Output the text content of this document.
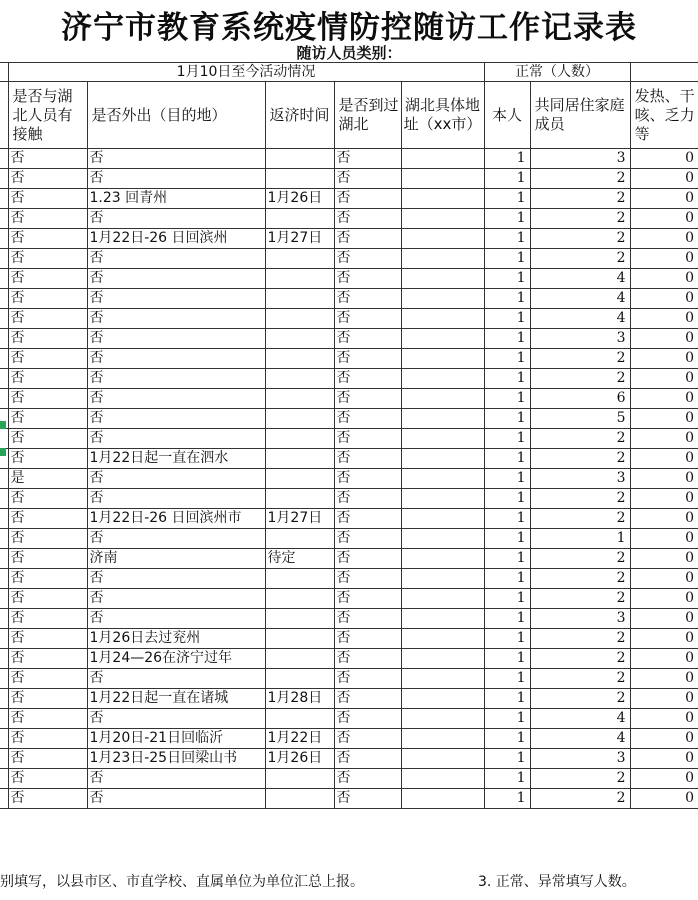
济宁市教育系统疫情防控随访工作记录表
随访人员类别：
	1月10日至今活动情况					正常（人数）		
	是否与湖北人员有接触	是否外出（目的地）	返济时间	是否到过湖北	湖北具体地址（xx市）	本人	共同居住家庭成员	发热、干咳、乏力等
	否	否		否		1	3	0
	否	否		否		1	2	0
	否	1.23 回青州	1月26日	否		1	2	0
	否	否		否		1	2	0
	否	1月22日-26 日回滨州	1月27日	否		1	2	0
	否	否		否		1	2	0
	否	否		否		1	4	0
	否	否		否		1	4	0
	否	否		否		1	4	0
	否	否		否		1	3	0
	否	否		否		1	2	0
	否	否		否		1	2	0
	否	否		否		1	6	0
	否	否		否		1	5	0
	否	否		否		1	2	0
	否	1月22日起一直在泗水		否		1	2	0
	是	否		否		1	3	0
	否	否		否		1	2	0
	否	1月22日-26 日回滨州市	1月27日	否		1	2	0
	否	否		否		1	1	0
	否	济南	待定	否		1	2	0
	否	否		否		1	2	0
	否	否		否		1	2	0
	否	否		否		1	3	0
	否	1月26日去过兖州		否		1	2	0
	否	1月24—26在济宁过年		否		1	2	0
	否	否		否		1	2	0
	否	1月22日起一直在诸城	1月28日	否		1	2	0
	否	否		否		1	4	0
	否	1月20日-21日回临沂	1月22日	否		1	4	0
	否	1月23日-25日回梁山书	1月26日	否		1	3	0
	否	否		否		1	2	0
	否	否		否		1	2	0
别填写，以县市区、市直学校、直属单位为单位汇总上报。	3. 正常、异常填写人数。
